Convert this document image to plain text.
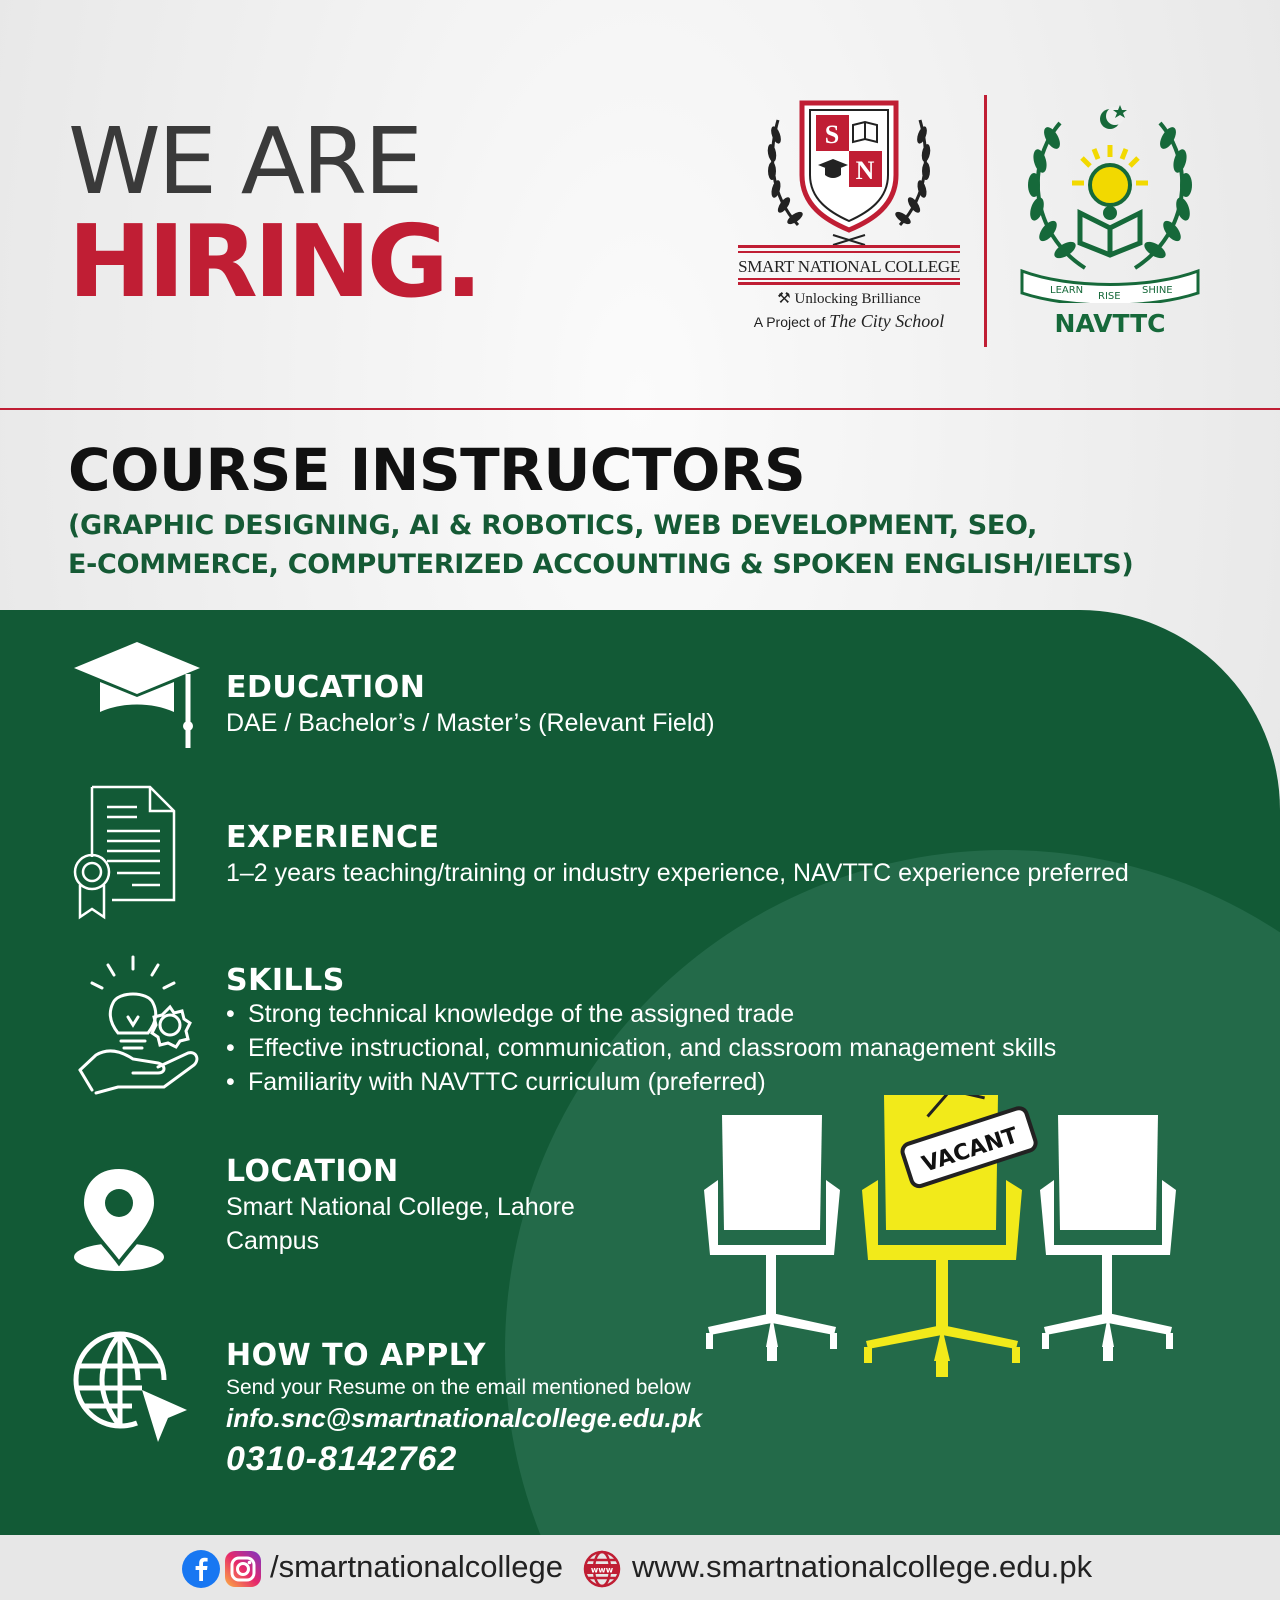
WE ARE
HIRING.
S
N
SMART NATIONAL COLLEGE
⚒ Unlocking Brilliance
A Project of The City School
LEARN
RISE
SHINE
NAVTTC
COURSE INSTRUCTORS
(GRAPHIC DESIGNING, AI & ROBOTICS, WEB DEVELOPMENT, SEO,
E-COMMERCE, COMPUTERIZED ACCOUNTING & SPOKEN ENGLISH/IELTS)
EDUCATION
DAE / Bachelor’s / Master’s (Relevant Field)
EXPERIENCE
1–2 years teaching/training or industry experience, NAVTTC experience preferred
SKILLS
• Strong technical knowledge of the assigned trade
• Effective instructional, communication, and classroom management skills
• Familiarity with NAVTTC curriculum (preferred)
LOCATION
Smart National College, Lahore
Campus
HOW TO APPLY
Send your Resume on the email mentioned below
info.snc@smartnationalcollege.edu.pk
0310-8142762
VACANT
/smartnationalcollege	www www.smartnationalcollege.edu.pk
